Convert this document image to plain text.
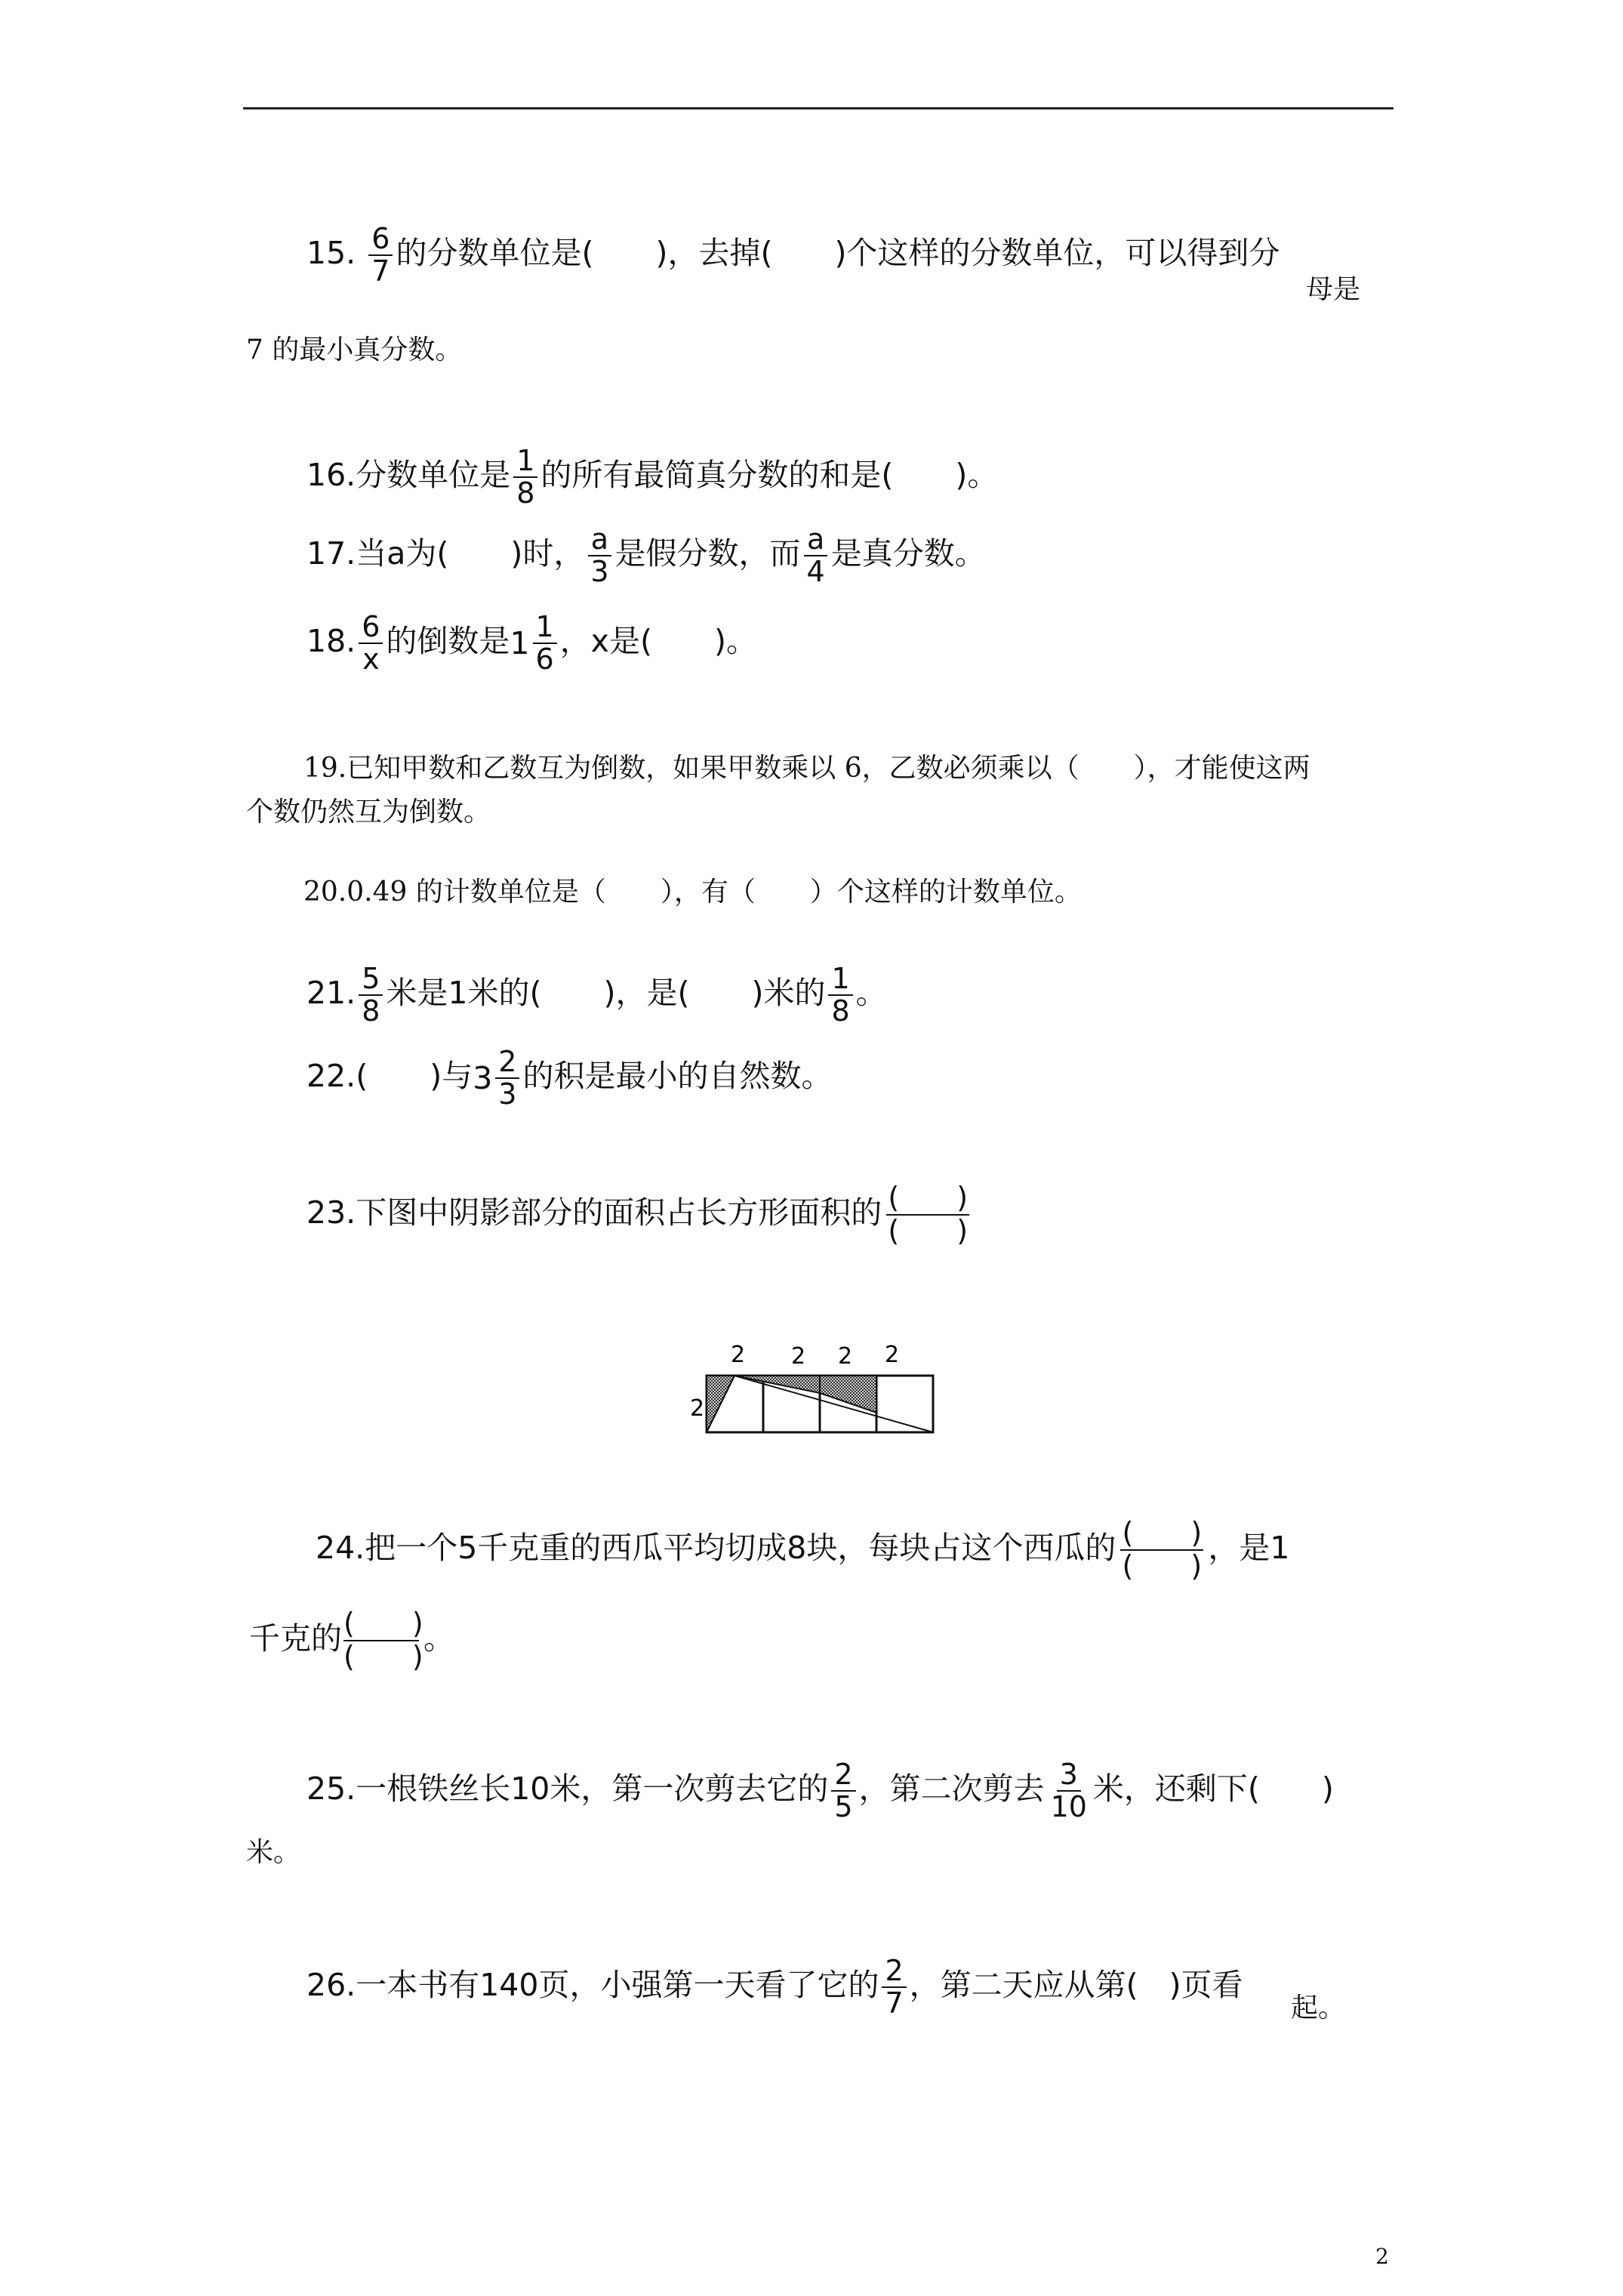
15. $\frac{6}{7}$ 的分数单位是(　　)，去掉(　　)个这样的分数单位，可以得到分
母是
7 的最小真分数。
16.分数单位是 $\frac{1}{8}$ 的所有最简真分数的和是(　　)。
17.当a为(　　)时， $\frac{a}{3}$ 是假分数，而 $\frac{a}{4}$ 是真分数。
18. $\frac{6}{x}$ 的倒数是 $1 \frac{1}{6}$ ，x是(　　)。
19.已知甲数和乙数互为倒数，如果甲数乘以 6，乙数必须乘以（　　），才能使这两
个数仍然互为倒数。
20.0.49 的计数单位是（　　），有（　　）个这样的计数单位。
21. $\frac{5}{8}$ 米是1米的(　　)，是(　　)米的 $\frac{1}{8}$ 。
22.(　　)与 $3 \frac{2}{3}$ 的积是最小的自然数。
23.下图中阴影部分的面积占长方形面积的 $\frac{( )}{( )}$
2
2 2 2 2
24.把一个5千克重的西瓜平均切成8块，每块占这个西瓜的 $\frac{( )}{( )}$ ，是1
千克的 $\frac{( )}{( )}$ 。
25.一根铁丝长10米，第一次剪去它的 $\frac{2}{5}$ ，第二次剪去 $\frac{3}{10}$ 米，还剩下(　　)
米。
26.一本书有140页，小强第一天看了它的 $\frac{2}{7}$ ，第二天应从第(　)页看
起。
2
